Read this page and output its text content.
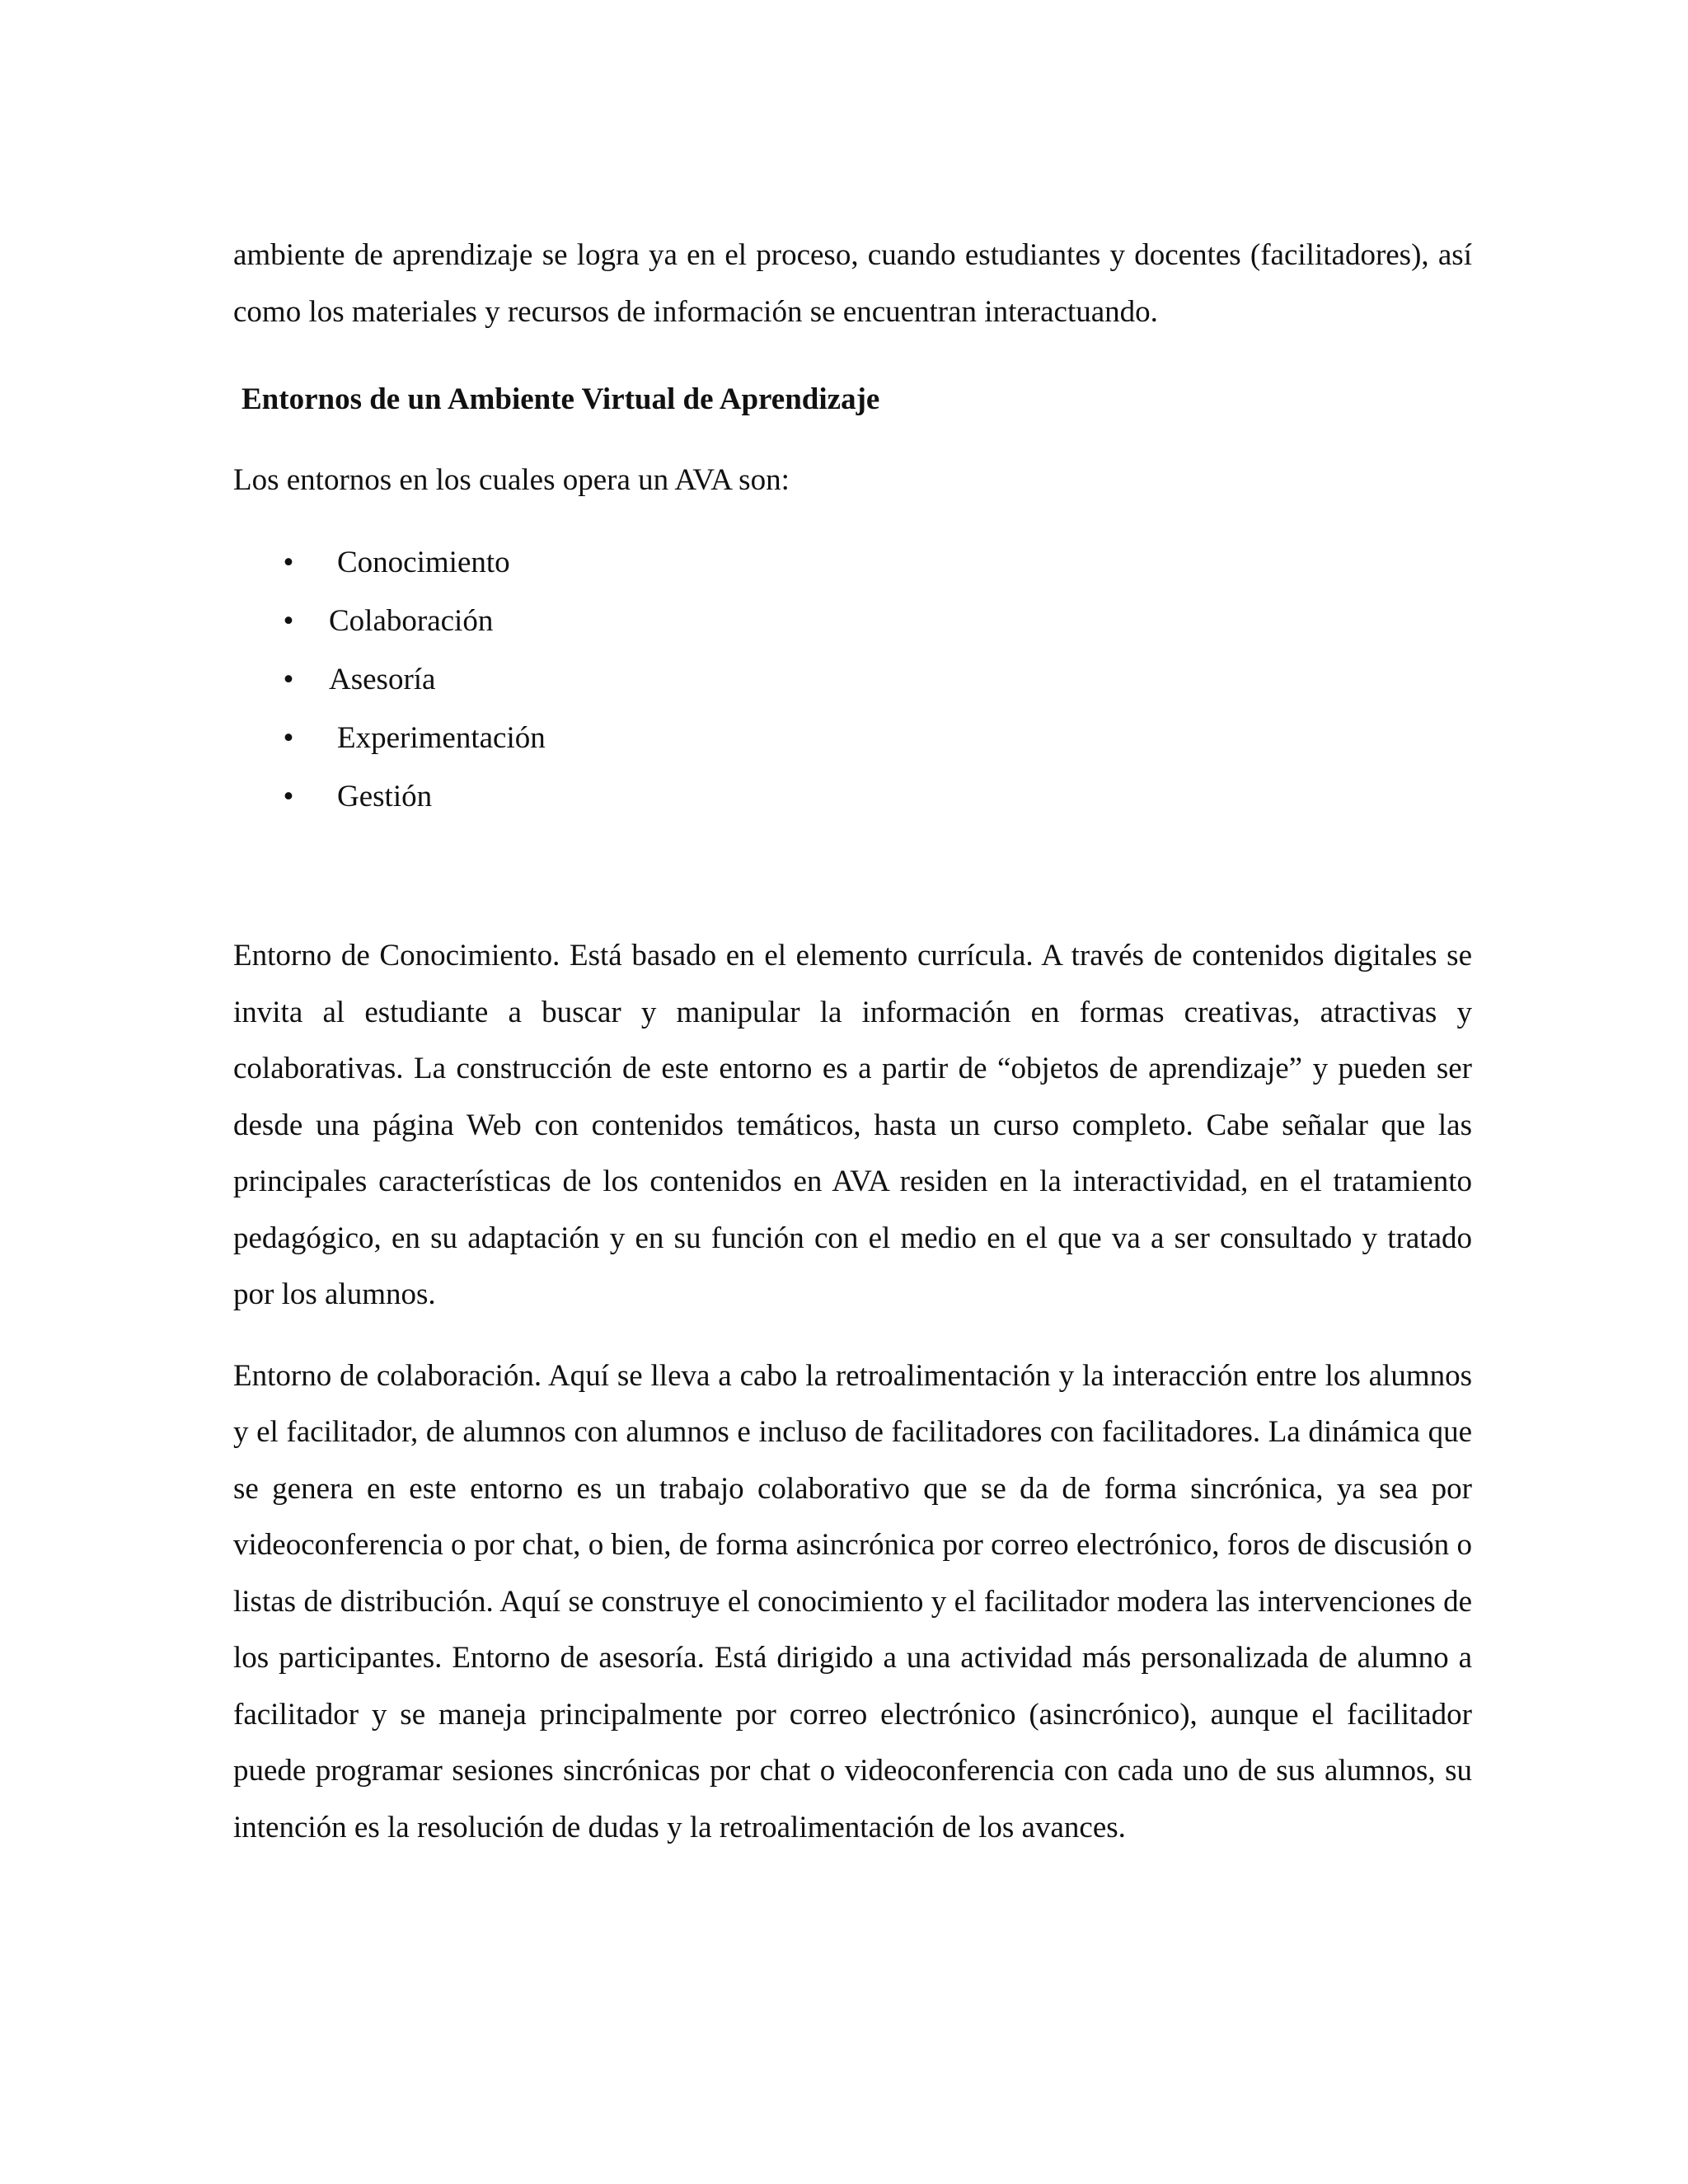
ambiente de aprendizaje se logra ya en el proceso, cuando estudiantes y docentes (facilitadores), así como los materiales y recursos de información se encuentran interactuando.

Entornos de un Ambiente Virtual de Aprendizaje

Los entornos en los cuales opera un AVA son:

• Conocimiento
• Colaboración
• Asesoría
• Experimentación
• Gestión

Entorno de Conocimiento. Está basado en el elemento currícula. A través de contenidos digitales se invita al estudiante a buscar y manipular la información en formas creativas, atractivas y colaborativas. La construcción de este entorno es a partir de “objetos de aprendizaje” y pueden ser desde una página Web con contenidos temáticos, hasta un curso completo. Cabe señalar que las principales características de los contenidos en AVA residen en la interactividad, en el tratamiento pedagógico, en su adaptación y en su función con el medio en el que va a ser consultado y tratado por los alumnos.

Entorno de colaboración. Aquí se lleva a cabo la retroalimentación y la interacción entre los alumnos y el facilitador, de alumnos con alumnos e incluso de facilitadores con facilitadores. La dinámica que se genera en este entorno es un trabajo colaborativo que se da de forma sincrónica, ya sea por videoconferencia o por chat, o bien, de forma asincrónica por correo electrónico, foros de discusión o listas de distribución. Aquí se construye el conocimiento y el facilitador modera las intervenciones de los participantes. Entorno de asesoría. Está dirigido a una actividad más personalizada de alumno a facilitador y se maneja principalmente por correo electrónico (asincrónico), aunque el facilitador puede programar sesiones sincrónicas por chat o videoconferencia con cada uno de sus alumnos, su intención es la resolución de dudas y la retroalimentación de los avances.
